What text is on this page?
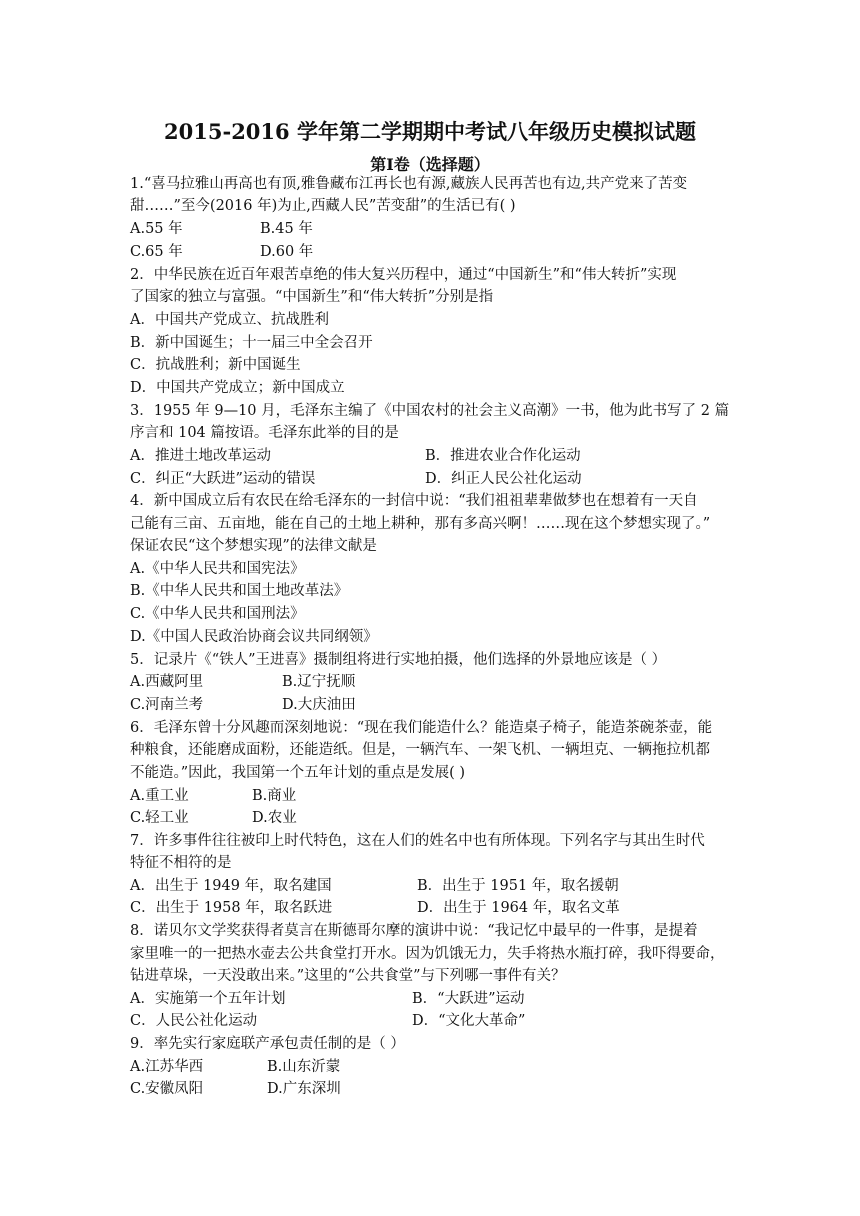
2015-2016 学年第二学期期中考试八年级历史模拟试题
第Ⅰ卷（选择题）
1.“喜马拉雅山再高也有顶,雅鲁藏布江再长也有源,藏族人民再苦也有边,共产党来了苦变
甜……”至今(2016 年)为止,西藏人民”苦变甜”的生活已有( )
A.55 年	B.45 年
C.65 年	D.60 年
2．中华民族在近百年艰苦卓绝的伟大复兴历程中，通过“中国新生”和“伟大转折”实现
了国家的独立与富强。“中国新生”和“伟大转折”分别是指
A．中国共产党成立、抗战胜利
B．新中国诞生；十一届三中全会召开
C．抗战胜利；新中国诞生
D．中国共产党成立；新中国成立
3．1955 年 9—10 月，毛泽东主编了《中国农村的社会主义高潮》一书，他为此书写了 2 篇
序言和 104 篇按语。毛泽东此举的目的是
A．推进土地改革运动	B．推进农业合作化运动
C．纠正“大跃进”运动的错误	D．纠正人民公社化运动
4．新中国成立后有农民在给毛泽东的一封信中说：“我们祖祖辈辈做梦也在想着有一天自
己能有三亩、五亩地，能在自己的土地上耕种，那有多高兴啊！……现在这个梦想实现了。”
保证农民“这个梦想实现”的法律文献是
A.《中华人民共和国宪法》
B.《中华人民共和国土地改革法》
C.《中华人民共和国刑法》
D.《中国人民政治协商会议共同纲领》
5．记录片《“铁人”王进喜》摄制组将进行实地拍摄，他们选择的外景地应该是（ ）
A.西藏阿里	B.辽宁抚顺
C.河南兰考	D.大庆油田
6．毛泽东曾十分风趣而深刻地说：“现在我们能造什么？能造桌子椅子，能造茶碗茶壶，能
种粮食，还能磨成面粉，还能造纸。但是，一辆汽车、一架飞机、一辆坦克、一辆拖拉机都
不能造。”因此，我国第一个五年计划的重点是发展( )
A.重工业	B.商业
C.轻工业	D.农业
7．许多事件往往被印上时代特色，这在人们的姓名中也有所体现。下列名字与其出生时代
特征不相符的是
A．出生于 1949 年，取名建国	B．出生于 1951 年，取名援朝
C．出生于 1958 年，取名跃进	D．出生于 1964 年，取名文革
8．诺贝尔文学奖获得者莫言在斯德哥尔摩的演讲中说：“我记忆中最早的一件事，是提着
家里唯一的一把热水壶去公共食堂打开水。因为饥饿无力，失手将热水瓶打碎，我吓得要命，
钻进草垛，一天没敢出来。”这里的“公共食堂”与下列哪一事件有关？
A．实施第一个五年计划	B．“大跃进”运动
C．人民公社化运动	D．“文化大革命”
9．率先实行家庭联产承包责任制的是（ ）
A.江苏华西	B.山东沂蒙
C.安徽凤阳	D.广东深圳
